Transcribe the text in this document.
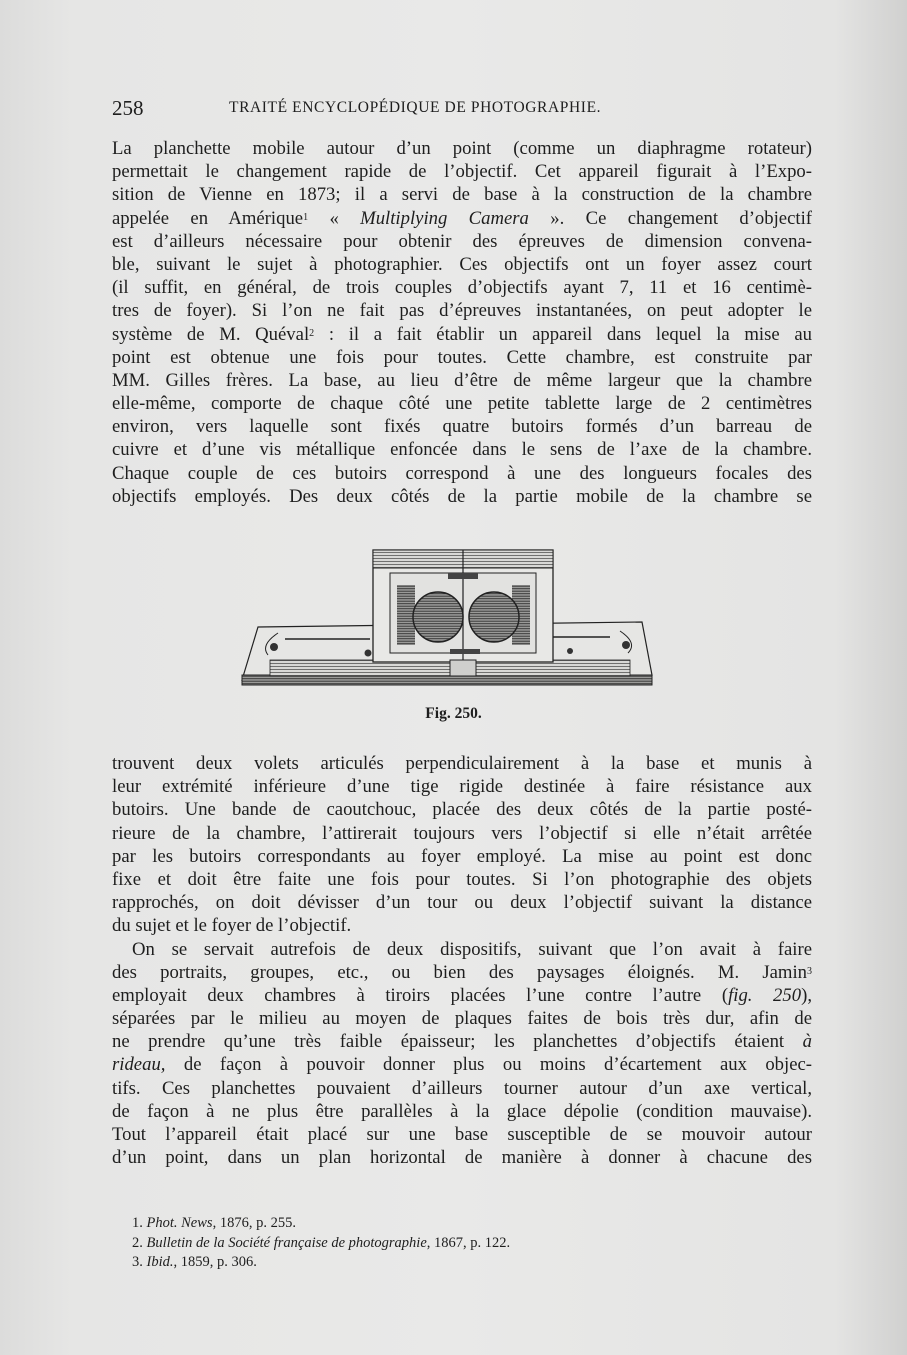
258	TRAITÉ ENCYCLOPÉDIQUE DE PHOTOGRAPHIE.
La planchette mobile autour d’un point (comme un diaphragme rotateur)
permettait le changement rapide de l’objectif. Cet appareil figurait à l’Expo-
sition de Vienne en 1873; il a servi de base à la construction de la chambre
appelée en Amérique$^1$ « Multiplying Camera ». Ce changement d’objectif
est d’ailleurs nécessaire pour obtenir des épreuves de dimension convena-
ble, suivant le sujet à photographier. Ces objectifs ont un foyer assez court
(il suffit, en général, de trois couples d’objectifs ayant 7, 11 et 16 centimè-
tres de foyer). Si l’on ne fait pas d’épreuves instantanées, on peut adopter le
système de M. Quéval$^2$ : il a fait établir un appareil dans lequel la mise au
point est obtenue une fois pour toutes. Cette chambre, est construite par
MM. Gilles frères. La base, au lieu d’être de même largeur que la chambre
elle-même, comporte de chaque côté une petite tablette large de 2 centimètres
environ, vers laquelle sont fixés quatre butoirs formés d’un barreau de
cuivre et d’une vis métallique enfoncée dans le sens de l’axe de la chambre.
Chaque couple de ces butoirs correspond à une des longueurs focales des
objectifs employés. Des deux côtés de la partie mobile de la chambre se
Fig. 250.
trouvent deux volets articulés perpendiculairement à la base et munis à
leur extrémité inférieure d’une tige rigide destinée à faire résistance aux
butoirs. Une bande de caoutchouc, placée des deux côtés de la partie posté-
rieure de la chambre, l’attirerait toujours vers l’objectif si elle n’était arrêtée
par les butoirs correspondants au foyer employé. La mise au point est donc
fixe et doit être faite une fois pour toutes. Si l’on photographie des objets
rapprochés, on doit dévisser d’un tour ou deux l’objectif suivant la distance
du sujet et le foyer de l’objectif.
On se servait autrefois de deux dispositifs, suivant que l’on avait à faire
des portraits, groupes, etc., ou bien des paysages éloignés. M. Jamin$^3$
employait deux chambres à tiroirs placées l’une contre l’autre (fig. 250),
séparées par le milieu au moyen de plaques faites de bois très dur, afin de
ne prendre qu’une très faible épaisseur; les planchettes d’objectifs étaient à
rideau, de façon à pouvoir donner plus ou moins d’écartement aux objec-
tifs. Ces planchettes pouvaient d’ailleurs tourner autour d’un axe vertical,
de façon à ne plus être parallèles à la glace dépolie (condition mauvaise).
Tout l’appareil était placé sur une base susceptible de se mouvoir autour
d’un point, dans un plan horizontal de manière à donner à chacune des
1. Phot. News, 1876, p. 255.
2. Bulletin de la Société française de photographie, 1867, p. 122.
3. Ibid., 1859, p. 306.
